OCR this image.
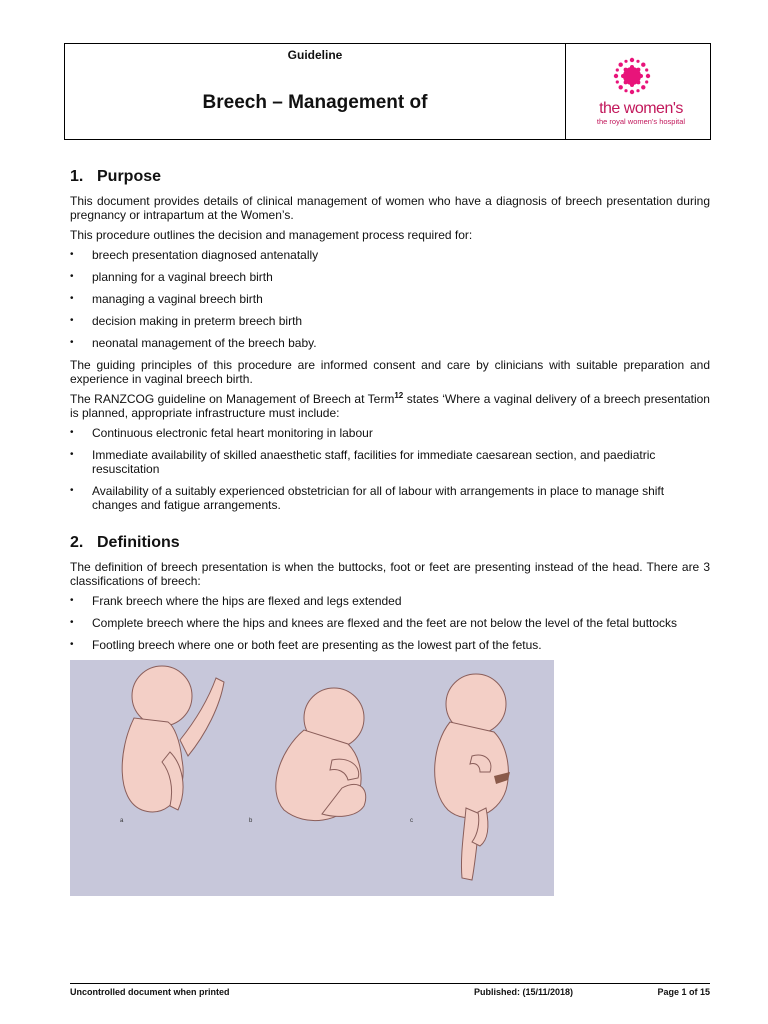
Guideline
Breech – Management of	the women's
the royal women's hospital
1. Purpose

This document provides details of clinical management of women who have a diagnosis of breech presentation during pregnancy or intrapartum at the Women’s.

This procedure outlines the decision and management process required for:

• breech presentation diagnosed antenatally
• planning for a vaginal breech birth
• managing a vaginal breech birth
• decision making in preterm breech birth
• neonatal management of the breech baby.

The guiding principles of this procedure are informed consent and care by clinicians with suitable preparation and experience in vaginal breech birth.

The RANZCOG guideline on Management of Breech at Term$^{12}$ states ‘Where a vaginal delivery of a breech presentation is planned, appropriate infrastructure must include:

• Continuous electronic fetal heart monitoring in labour
• Immediate availability of skilled anaesthetic staff, facilities for immediate caesarean section, and paediatric resuscitation
• Availability of a suitably experienced obstetrician for all of labour with arrangements in place to manage shift changes and fatigue arrangements.
2. Definitions

The definition of breech presentation is when the buttocks, foot or feet are presenting instead of the head. There are 3 classifications of breech:

• Frank breech where the hips are flexed and legs extended
• Complete breech where the hips and knees are flexed and the feet are not below the level of the fetal buttocks
• Footling breech where one or both feet are presenting as the lowest part of the fetus.
a	b	c
Uncontrolled document when printed	Published: (15/11/2018)	Page 1 of 15
